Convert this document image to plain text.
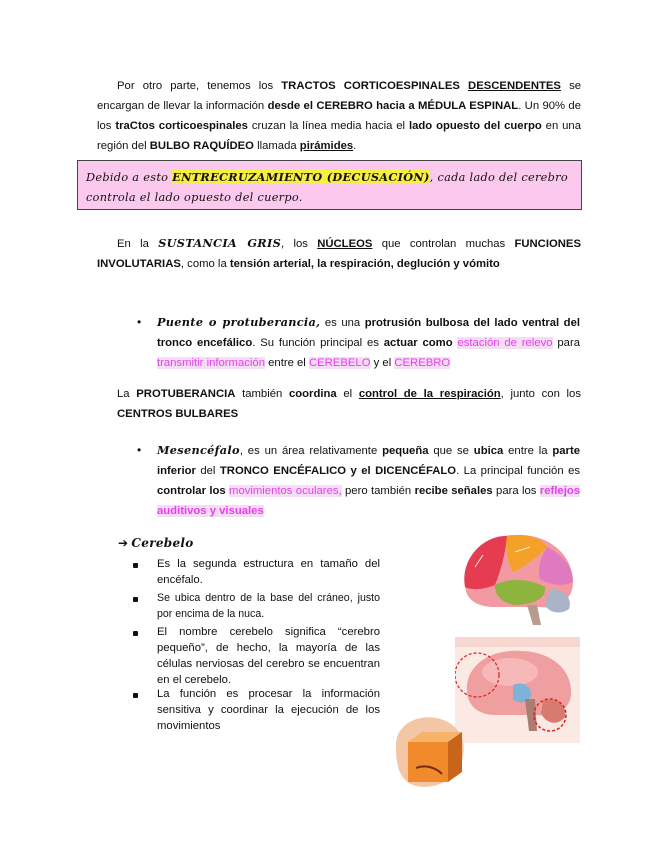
Por otro parte, tenemos los TRACTOS CORTICOESPINALES DESCENDENTES se encargan de llevar la información desde el CEREBRO hacia a MÉDULA ESPINAL. Un 90% de los traCtos corticoespinales cruzan la línea media hacia el lado opuesto del cuerpo en una región del BULBO RAQUÍDEO llamada pirámides.
Debido a esto ENTRECRUZAMIENTO (DECUSACIÓN), cada lado del cerebro controla el lado opuesto del cuerpo.
En la SUSTANCIA GRIS, los NÚCLEOS que controlan muchas FUNCIONES INVOLUTARIAS, como la tensión arterial, la respiración, deglución y vómito
•	Puente o protuberancia, es una protrusión bulbosa del lado ventral del tronco encefálico. Su función principal es actuar como estación de relevo para transmitir información entre el CEREBELO y el CEREBRO
La PROTUBERANCIA también coordina el control de la respiración, junto con los CENTROS BULBARES
•	Mesencéfalo, es un área relativamente pequeña que se ubica entre la parte inferior del TRONCO ENCÉFALICO y el DICENCÉFALO. La principal función es controlar los movimientos oculares, pero también recibe señales para los reflejos auditivos y visuales
➔ Cerebelo
Es la segunda estructura en tamaño del encéfalo.
Se ubica dentro de la base del cráneo, justo por encima de la nuca.
El nombre cerebelo significa “cerebro pequeño”, de hecho, la mayoría de las células nerviosas del cerebro se encuentran en el cerebelo.
La función es procesar la información sensitiva y coordinar la ejecución de los movimientos
